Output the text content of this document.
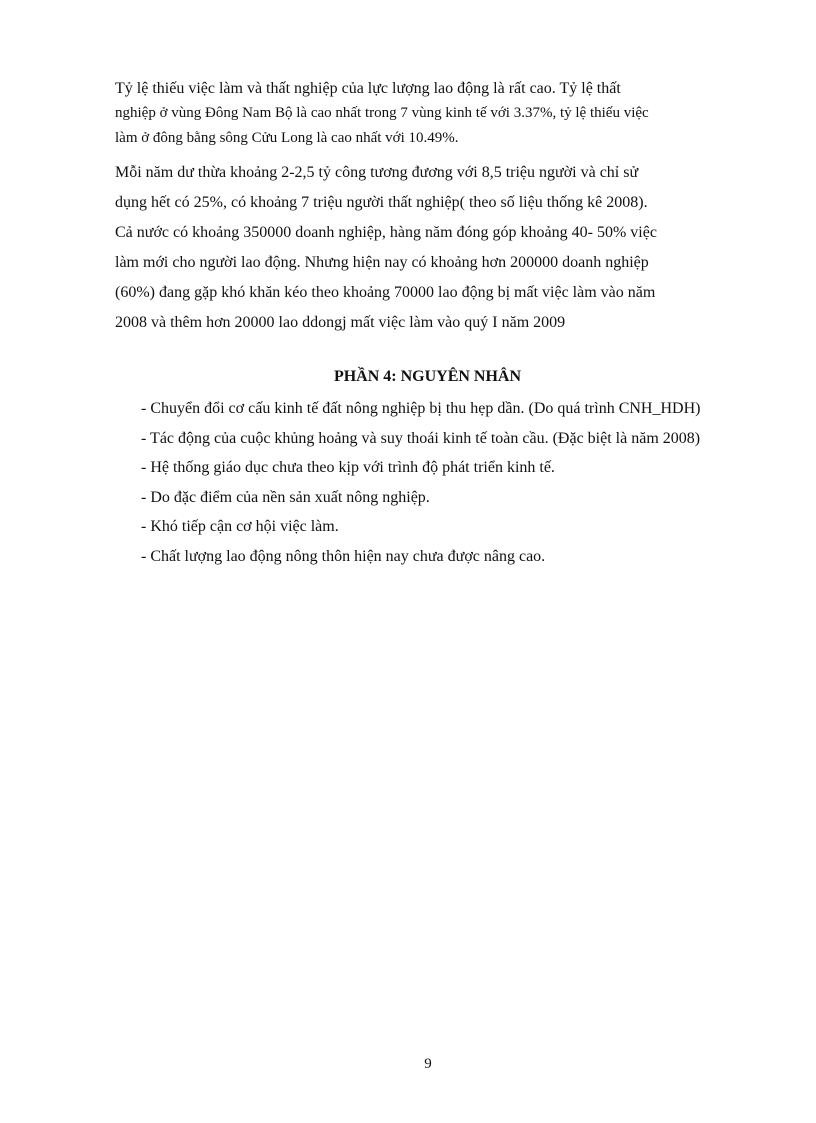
Tỷ lệ thiếu việc làm và thất nghiệp của lực lượng lao động là rất cao. Tỷ lệ thất
nghiệp ở vùng Đông Nam Bộ là cao nhất trong 7 vùng kinh tế với 3.37%, tỷ lệ thiếu việc
làm ở đông bằng sông Cửu Long là cao nhất với 10.49%.
Mỗi năm dư thừa khoảng 2-2,5 tỷ công tương đương với 8,5 triệu người và chỉ sử
dụng hết có 25%, có khoảng 7 triệu người thất nghiệp( theo số liệu thống kê 2008).
Cả nước có khoảng 350000 doanh nghiệp, hàng năm đóng góp khoảng 40- 50% việc
làm mới cho người lao động. Nhưng hiện nay có khoảng hơn 200000 doanh nghiệp
(60%) đang gặp khó khăn kéo theo khoảng 70000 lao động bị mất việc làm vào năm
2008 và thêm hơn 20000 lao ddongj mất việc làm vào quý I năm 2009
PHẦN 4: NGUYÊN NHÂN
- Chuyển đổi cơ cấu kinh tế đất nông nghiệp bị thu hẹp dần. (Do quá trình CNH_HDH)
- Tác động của cuộc khủng hoảng và suy thoái kinh tế toàn cầu. (Đặc biệt là năm 2008)
- Hệ thống giáo dục chưa theo kịp với trình độ phát triển kinh tế.
- Do đặc điểm của nền sản xuất nông nghiệp.
- Khó tiếp cận cơ hội việc làm.
- Chất lượng lao động nông thôn hiện nay chưa được nâng cao.
9
